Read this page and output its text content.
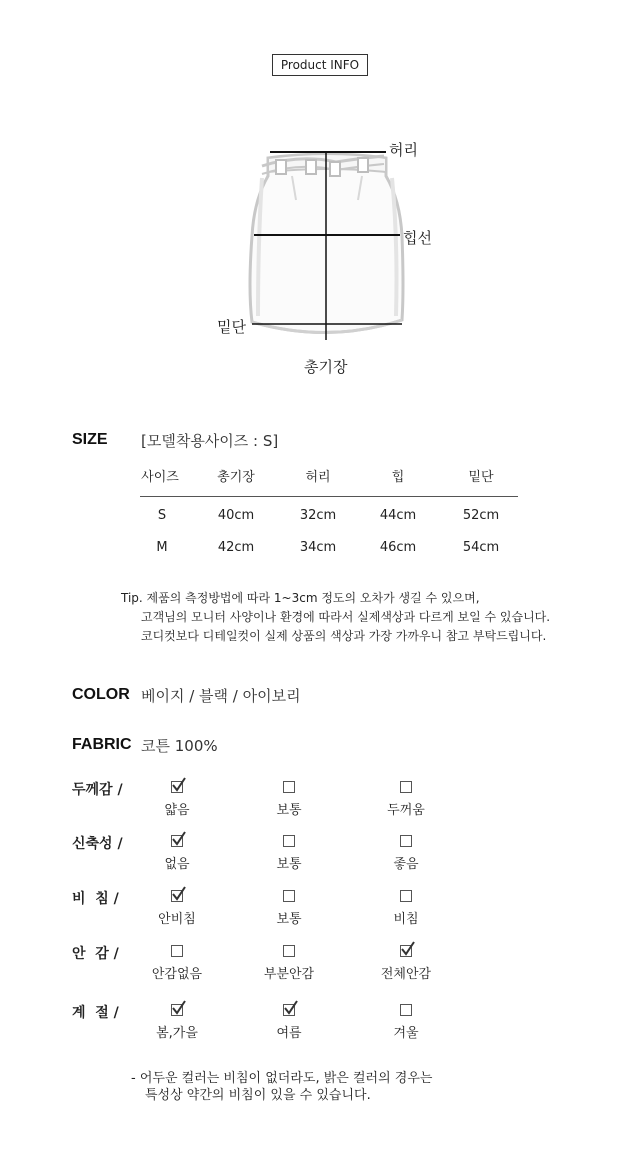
Product INFO
허리
힙선
밑단
총기장
SIZE [모델착용사이즈 : S]
사이즈	총기장	허리	힙	밑단
S	40cm	32cm	44cm	52cm
M	42cm	34cm	46cm	54cm
Tip. 제품의 측정방법에 따라 1~3cm 정도의 오차가 생길 수 있으며,
고객님의 모니터 사양이나 환경에 따라서 실제색상과 다르게 보일 수 있습니다.
코디컷보다 디테일컷이 실제 상품의 색상과 가장 가까우니 참고 부탁드립니다.
COLOR 베이지 / 블랙 / 아이보리
FABRIC 코튼 100%
두께감 /
얇음	보통	두꺼움
신축성 /
없음	보통	좋음
비  침 /
안비침	보통	비침
안  감 /
안감없음	부분안감	전체안감
계  절 /
봄,가을	여름	겨울
- 어두운 컬러는 비침이 없더라도, 밝은 컬러의 경우는
특성상 약간의 비침이 있을 수 있습니다.
